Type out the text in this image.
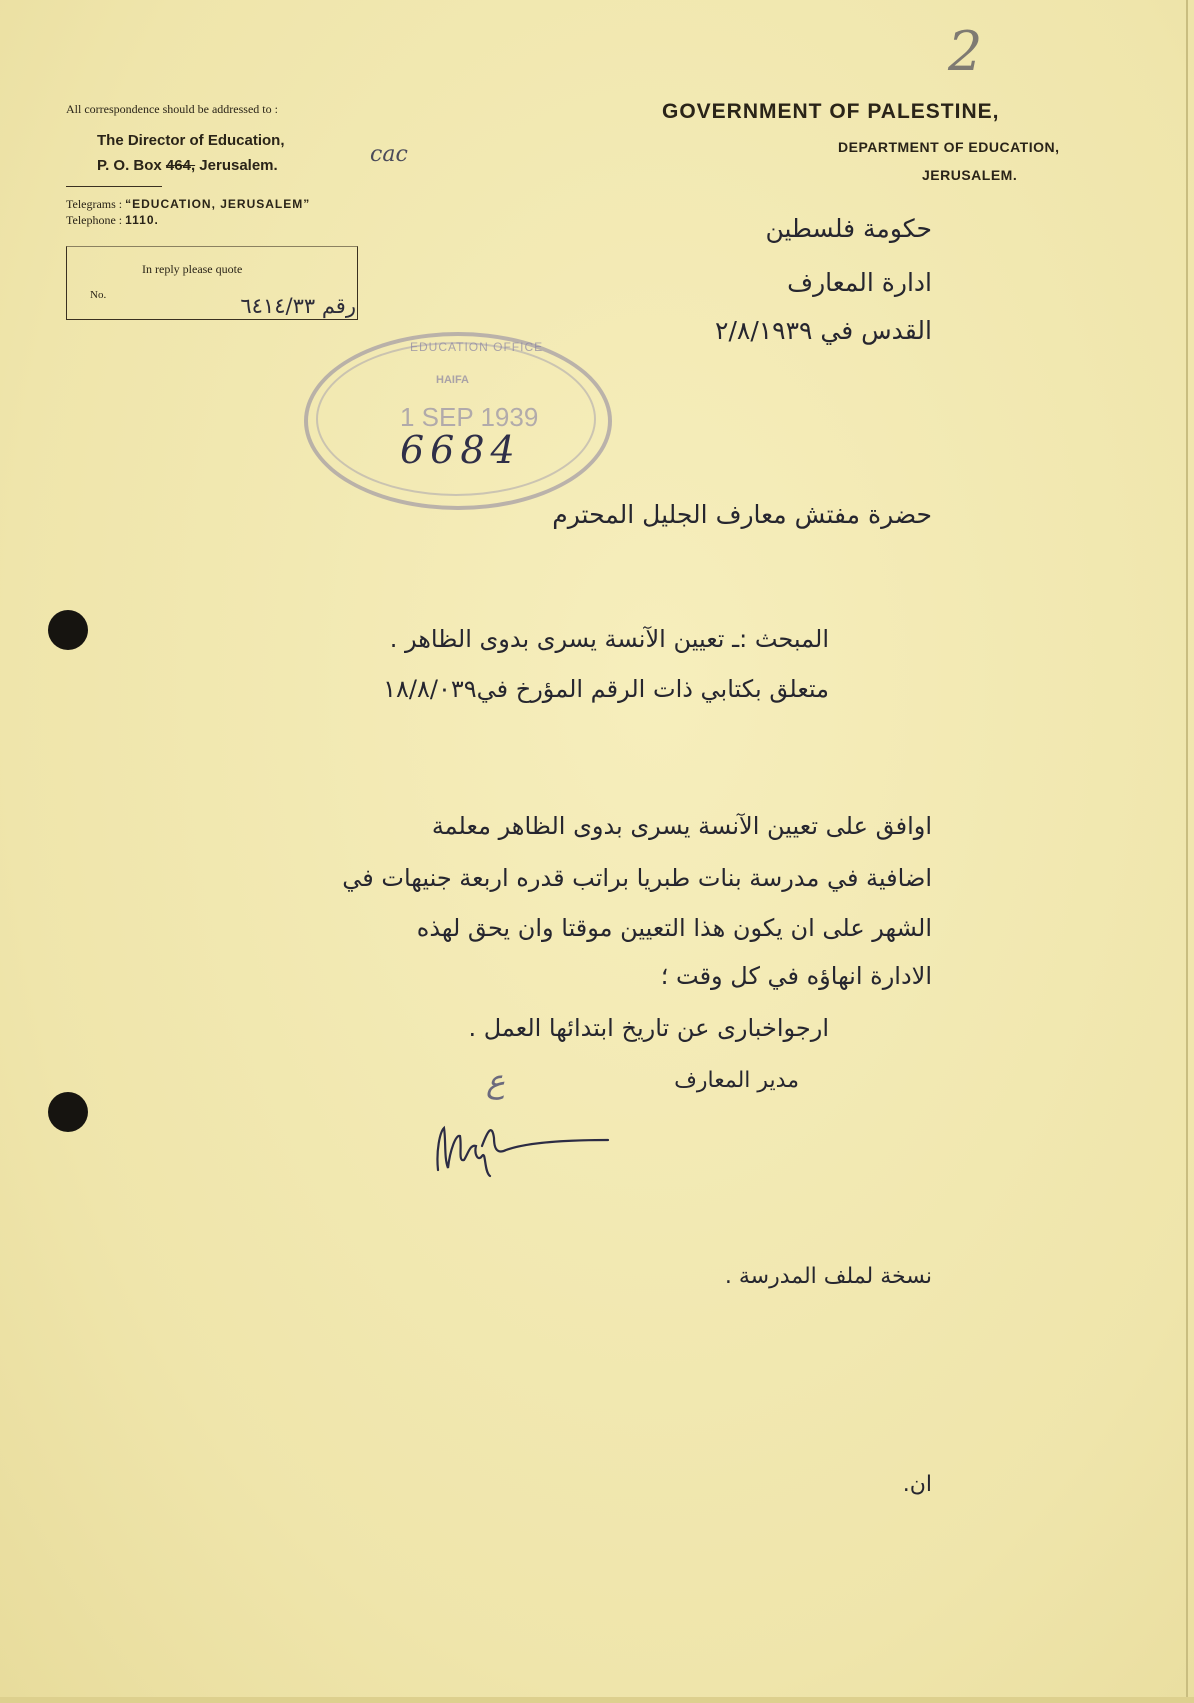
2
All correspondence should be addressed to :
The Director of Education,
P. O. Box 464, Jerusalem.	cac
Telegrams : “EDUCATION, JERUSALEM”
Telephone : 1110.
In reply please quote
No.	رقم ٦٤١٤/٣٣
GOVERNMENT OF PALESTINE,
DEPARTMENT OF EDUCATION,
JERUSALEM.
حكومة فلسطين
ادارة المعارف
القدس في ٢/٨/١٩٣٩
EDUCATION OFFICE
HAIFA
1 SEP 1939
6684
حضرة مفتش معارف الجليل المحترم
المبحث :ـ تعيين الآنسة يسرى بدوى الظاهر .
متعلق بكتابي ذات الرقم المؤرخ في١٨/٨/٠٣٩
اوافق على تعيين الآنسة يسرى بدوى الظاهر معلمة
اضافية في مدرسة بنات طبريا براتب قدره اربعة جنيهات في
الشهر على ان يكون هذا التعيين موقتا وان يحق لهذه
الادارة انهاؤه في كل وقت ؛
ارجواخبارى عن تاريخ ابتدائها العمل .
ع	مدير المعارف
نسخة لملف المدرسة .
ان.
